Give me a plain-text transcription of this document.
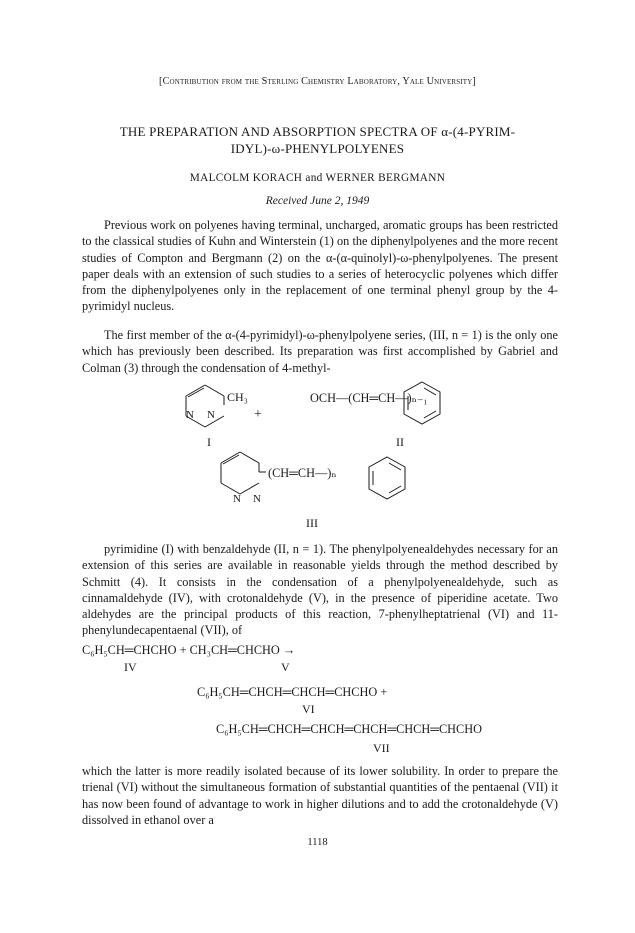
[Contribution from the Sterling Chemistry Laboratory, Yale University]
THE PREPARATION AND ABSORPTION SPECTRA OF α-(4-PYRIM-
IDYL)-ω-PHENYLPOLYENES
MALCOLM KORACH and WERNER BERGMANN
Received June 2, 1949

Previous work on polyenes having terminal, uncharged, aromatic groups has been restricted to the classical studies of Kuhn and Winterstein (1) on the diphenylpolyenes and the more recent studies of Compton and Bergmann (2) on the α-(α-quinolyl)-ω-phenylpolyenes. The present paper deals with an extension of such studies to a series of heterocyclic polyenes which differ from the diphenylpolyenes only in the replacement of one terminal phenyl group by the 4-pyrimidyl nucleus.

The first member of the α-(4-pyrimidyl)-ω-phenylpolyene series, (III, n = 1) is the only one which has previously been described. Its preparation was first accomplished by Gabriel and Colman (3) through the condensation of 4-methyl-

CH₃
N N	+
I
OCH—(CH═CH—)ₙ₋₁
II
(CH═CH—)ₙ
N N
III

pyrimidine (I) with benzaldehyde (II, n = 1). The phenylpolyenealdehydes necessary for an extension of this series are available in reasonable yields through the method described by Schmitt (4). It consists in the condensation of a phenylpolyenealdehyde, such as cinnamaldehyde (IV), with crotonaldehyde (V), in the presence of piperidine acetate. Two aldehydes are the principal products of this reaction, 7-phenylheptatrienal (VI) and 11-phenylundecapentaenal (VII), of

C₆H₅CH═CHCHO + CH₃CH═CHCHO →
IV	V
C₆H₅CH═CHCH═CHCH═CHCHO +
VI
C₆H₅CH═CHCH═CHCH═CHCH═CHCH═CHCHO
VII

which the latter is more readily isolated because of its lower solubility. In order to prepare the trienal (VI) without the simultaneous formation of substantial quantities of the pentaenal (VII) it has now been found of advantage to work in higher dilutions and to add the crotonaldehyde (V) dissolved in ethanol over a

1118
